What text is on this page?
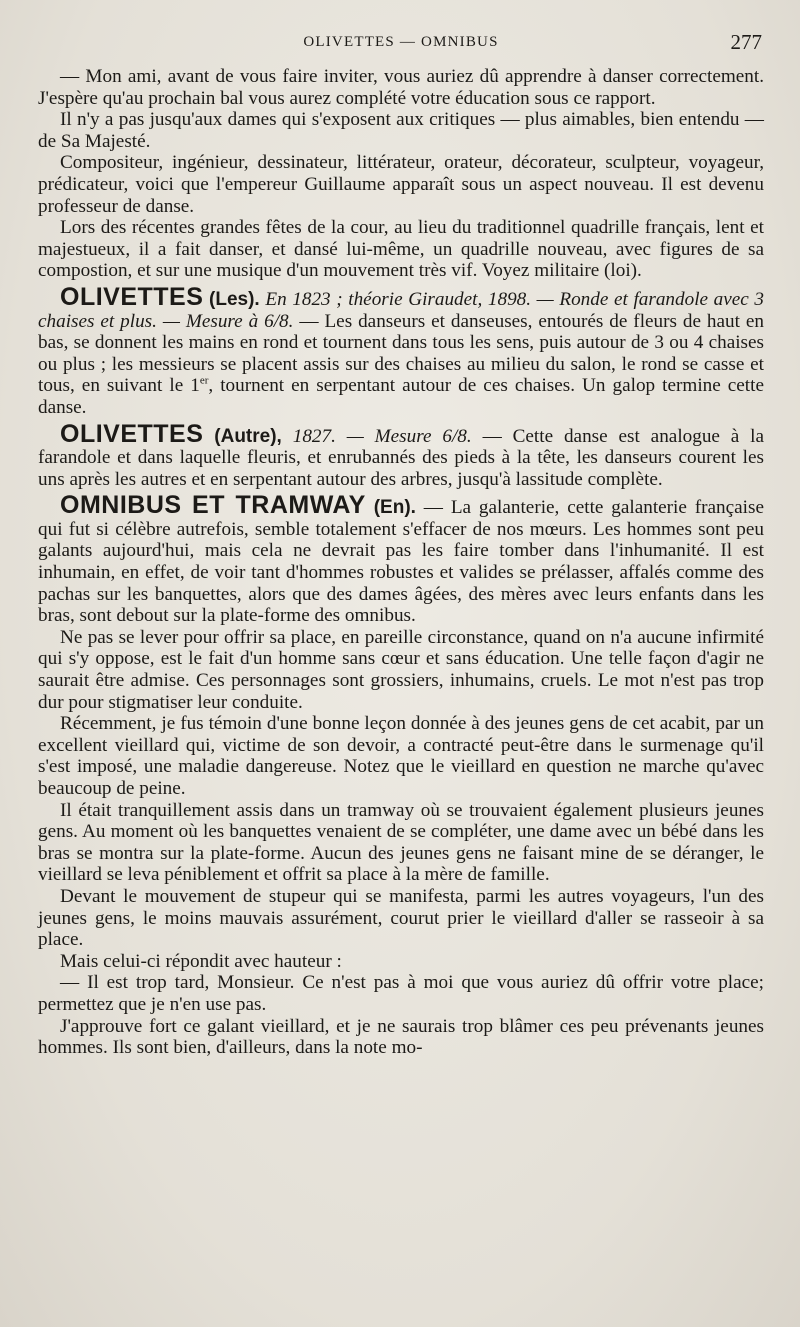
OLIVETTES — OMNIBUS	277

— Mon ami, avant de vous faire inviter, vous auriez dû apprendre à danser correctement. J'espère qu'au prochain bal vous aurez complété votre éducation sous ce rapport.

Il n'y a pas jusqu'aux dames qui s'exposent aux critiques — plus aimables, bien entendu — de Sa Majesté.

Compositeur, ingénieur, dessinateur, littérateur, orateur, décorateur, sculpteur, voyageur, prédicateur, voici que l'empereur Guillaume apparaît sous un aspect nouveau. Il est devenu professeur de danse.

Lors des récentes grandes fêtes de la cour, au lieu du traditionnel quadrille français, lent et majestueux, il a fait danser, et dansé lui-même, un quadrille nouveau, avec figures de sa compostion, et sur une musique d'un mouvement très vif. Voyez militaire (loi).

OLIVETTES (Les). En 1823 ; théorie Giraudet, 1898. — Ronde et farandole avec 3 chaises et plus. — Mesure à 6/8. — Les danseurs et danseuses, entourés de fleurs de haut en bas, se donnent les mains en rond et tournent dans tous les sens, puis autour de 3 ou 4 chaises ou plus ; les messieurs se placent assis sur des chaises au milieu du salon, le rond se casse et tous, en suivant le 1er, tournent en serpentant autour de ces chaises. Un galop termine cette danse.

OLIVETTES (Autre), 1827. — Mesure 6/8. — Cette danse est analogue à la farandole et dans laquelle fleuris, et enrubannés des pieds à la tête, les danseurs courent les uns après les autres et en serpentant autour des arbres, jusqu'à lassitude complète.

OMNIBUS ET TRAMWAY (En). — La galanterie, cette galanterie française qui fut si célèbre autrefois, semble totalement s'effacer de nos mœurs. Les hommes sont peu galants aujourd'hui, mais cela ne devrait pas les faire tomber dans l'inhumanité. Il est inhumain, en effet, de voir tant d'hommes robustes et valides se prélasser, affalés comme des pachas sur les banquettes, alors que des dames âgées, des mères avec leurs enfants dans les bras, sont debout sur la plate-forme des omnibus.

Ne pas se lever pour offrir sa place, en pareille circonstance, quand on n'a aucune infirmité qui s'y oppose, est le fait d'un homme sans cœur et sans éducation. Une telle façon d'agir ne saurait être admise. Ces personnages sont grossiers, inhumains, cruels. Le mot n'est pas trop dur pour stigmatiser leur conduite.

Récemment, je fus témoin d'une bonne leçon donnée à des jeunes gens de cet acabit, par un excellent vieillard qui, victime de son devoir, a contracté peut-être dans le surmenage qu'il s'est imposé, une maladie dangereuse. Notez que le vieillard en question ne marche qu'avec beaucoup de peine.

Il était tranquillement assis dans un tramway où se trouvaient également plusieurs jeunes gens. Au moment où les banquettes venaient de se compléter, une dame avec un bébé dans les bras se montra sur la plate-forme. Aucun des jeunes gens ne faisant mine de se déranger, le vieillard se leva péniblement et offrit sa place à la mère de famille.

Devant le mouvement de stupeur qui se manifesta, parmi les autres voyageurs, l'un des jeunes gens, le moins mauvais assurément, courut prier le vieillard d'aller se rasseoir à sa place.

Mais celui-ci répondit avec hauteur :

— Il est trop tard, Monsieur. Ce n'est pas à moi que vous auriez dû offrir votre place; permettez que je n'en use pas.

J'approuve fort ce galant vieillard, et je ne saurais trop blâmer ces peu prévenants jeunes hommes. Ils sont bien, d'ailleurs, dans la note mo-
